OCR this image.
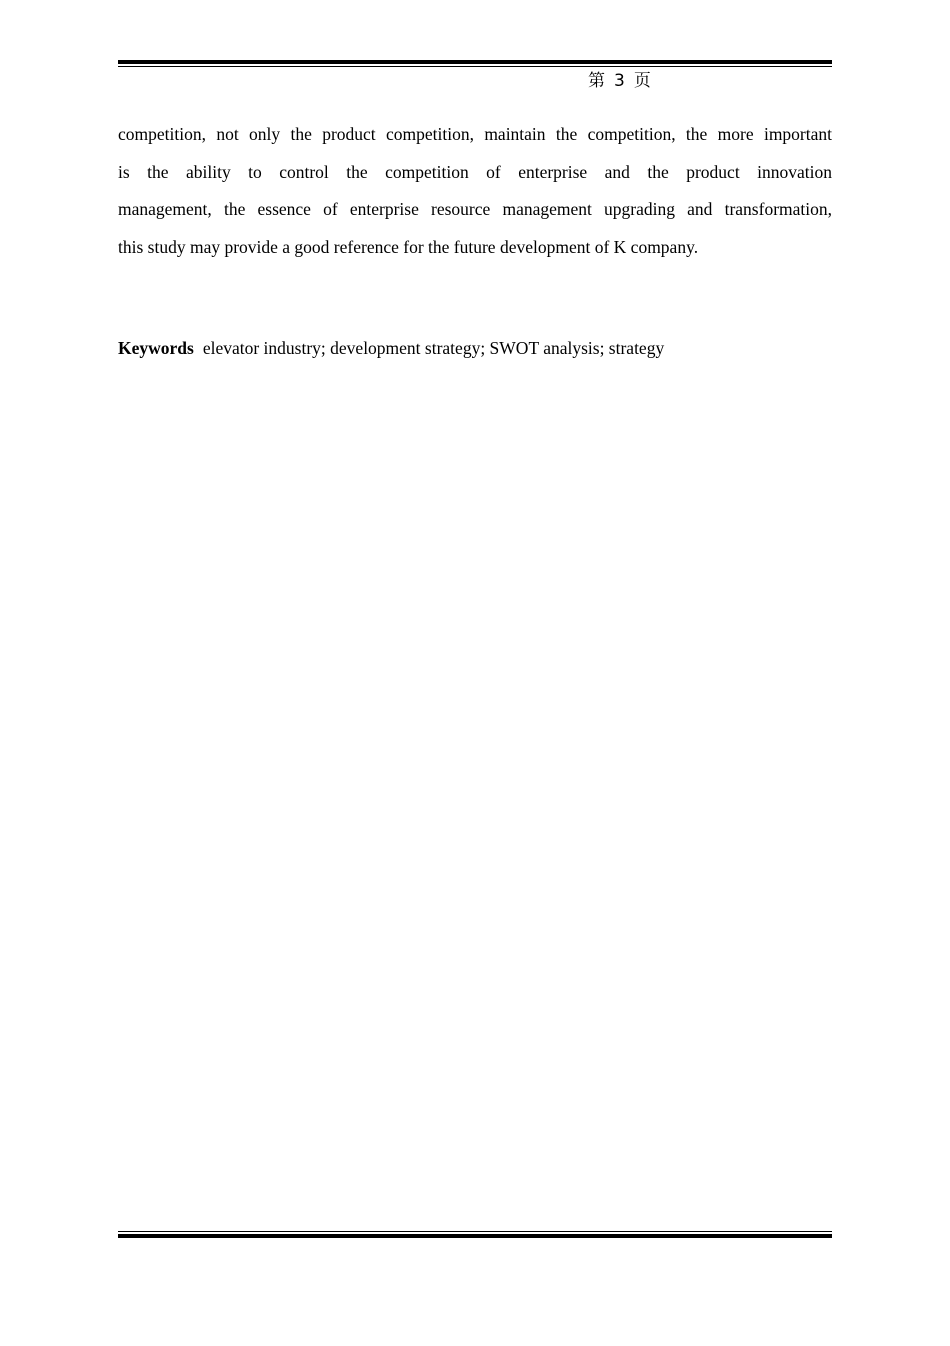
第 3 页

competition, not only the product competition, maintain the competition, the more important
is the ability to control the competition of enterprise and the product innovation
management, the essence of enterprise resource management upgrading and transformation,
this study may provide a good reference for the future development of K company.

Keywords elevator industry; development strategy; SWOT analysis; strategy
